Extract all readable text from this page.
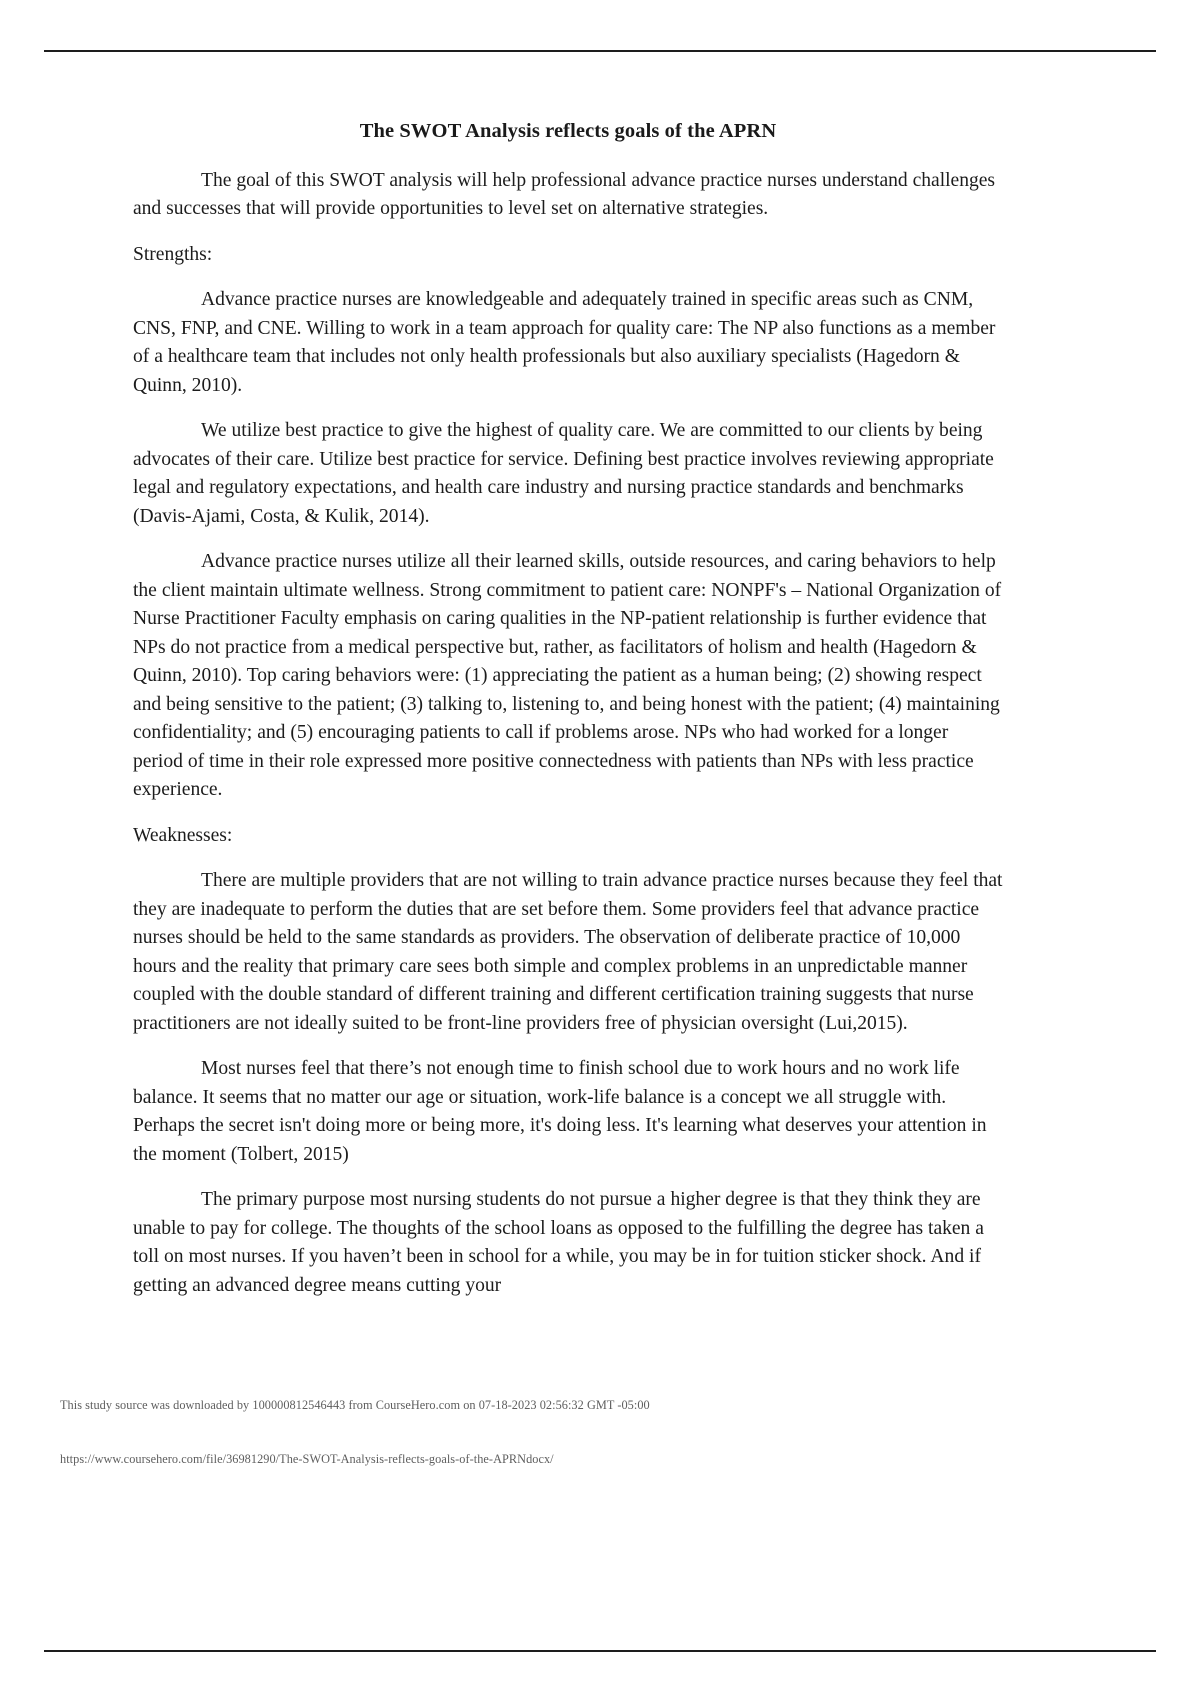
The SWOT Analysis reflects goals of the APRN

The goal of this SWOT analysis will help professional advance practice nurses understand challenges and successes that will provide opportunities to level set on alternative strategies.

Strengths:

Advance practice nurses are knowledgeable and adequately trained in specific areas such as CNM, CNS, FNP, and CNE. Willing to work in a team approach for quality care: The NP also functions as a member of a healthcare team that includes not only health professionals but also auxiliary specialists (Hagedorn & Quinn, 2010).

We utilize best practice to give the highest of quality care. We are committed to our clients by being advocates of their care. Utilize best practice for service. Defining best practice involves reviewing appropriate legal and regulatory expectations, and health care industry and nursing practice standards and benchmarks (Davis-Ajami, Costa, & Kulik, 2014).

Advance practice nurses utilize all their learned skills, outside resources, and caring behaviors to help the client maintain ultimate wellness. Strong commitment to patient care: NONPF's – National Organization of Nurse Practitioner Faculty emphasis on caring qualities in the NP-patient relationship is further evidence that NPs do not practice from a medical perspective but, rather, as facilitators of holism and health (Hagedorn & Quinn, 2010). Top caring behaviors were: (1) appreciating the patient as a human being; (2) showing respect and being sensitive to the patient; (3) talking to, listening to, and being honest with the patient; (4) maintaining confidentiality; and (5) encouraging patients to call if problems arose. NPs who had worked for a longer period of time in their role expressed more positive connectedness with patients than NPs with less practice experience.

Weaknesses:

There are multiple providers that are not willing to train advance practice nurses because they feel that they are inadequate to perform the duties that are set before them. Some providers feel that advance practice nurses should be held to the same standards as providers. The observation of deliberate practice of 10,000 hours and the reality that primary care sees both simple and complex problems in an unpredictable manner coupled with the double standard of different training and different certification training suggests that nurse practitioners are not ideally suited to be front-line providers free of physician oversight (Lui,2015).

Most nurses feel that there’s not enough time to finish school due to work hours and no work life balance. It seems that no matter our age or situation, work-life balance is a concept we all struggle with. Perhaps the secret isn't doing more or being more, it's doing less. It's learning what deserves your attention in the moment (Tolbert, 2015)

The primary purpose most nursing students do not pursue a higher degree is that they think they are unable to pay for college. The thoughts of the school loans as opposed to the fulfilling the degree has taken a toll on most nurses. If you haven’t been in school for a while, you may be in for tuition sticker shock. And if getting an advanced degree means cutting your

This study source was downloaded by 100000812546443 from CourseHero.com on 07-18-2023 02:56:32 GMT -05:00
https://www.coursehero.com/file/36981290/The-SWOT-Analysis-reflects-goals-of-the-APRNdocx/
